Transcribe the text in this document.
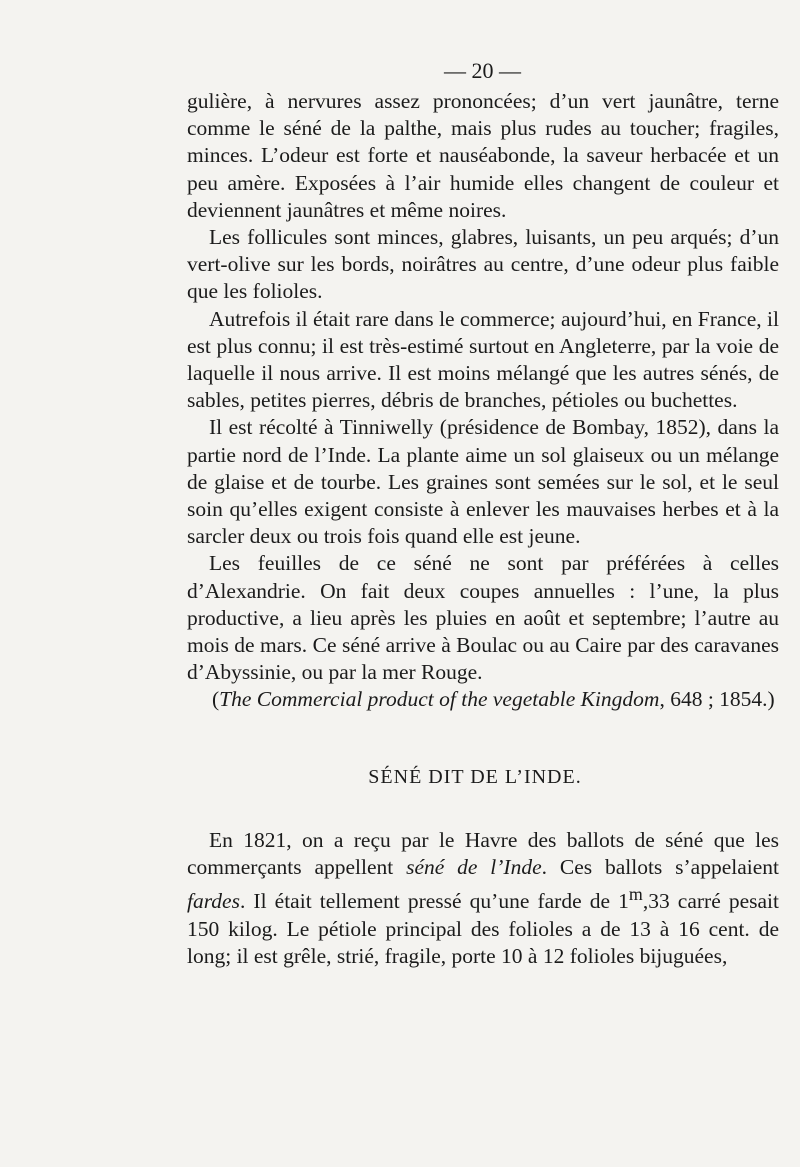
— 20 —

gulière, à nervures assez prononcées; d’un vert jaunâtre, terne comme le séné de la palthe, mais plus rudes au toucher; fragiles, minces. L’odeur est forte et nauséabonde, la saveur herbacée et un peu amère. Exposées à l’air humide elles changent de couleur et deviennent jaunâtres et même noires.

Les follicules sont minces, glabres, luisants, un peu arqués; d’un vert-olive sur les bords, noirâtres au centre, d’une odeur plus faible que les folioles.

Autrefois il était rare dans le commerce; aujourd’hui, en France, il est plus connu; il est très-estimé surtout en Angleterre, par la voie de laquelle il nous arrive. Il est moins mélangé que les autres sénés, de sables, petites pierres, débris de branches, pétioles ou buchettes.

Il est récolté à Tinniwelly (présidence de Bombay, 1852), dans la partie nord de l’Inde. La plante aime un sol glaiseux ou un mélange de glaise et de tourbe. Les graines sont semées sur le sol, et le seul soin qu’elles exigent consiste à enlever les mauvaises herbes et à la sarcler deux ou trois fois quand elle est jeune.

Les feuilles de ce séné ne sont par préférées à celles d’Alexandrie. On fait deux coupes annuelles : l’une, la plus productive, a lieu après les pluies en août et septembre; l’autre au mois de mars. Ce séné arrive à Boulac ou au Caire par des caravanes d’Abyssinie, ou par la mer Rouge.

(The Commercial product of the vegetable Kingdom, 648 ; 1854.)

SÉNÉ DIT DE L’INDE.

En 1821, on a reçu par le Havre des ballots de séné que les commerçants appellent séné de l’Inde. Ces ballots s’appelaient fardes. Il était tellement pressé qu’une farde de 1$^m$,33 carré pesait 150 kilog. Le pétiole principal des folioles a de 13 à 16 cent. de long; il est grêle, strié, fragile, porte 10 à 12 folioles bijuguées,
